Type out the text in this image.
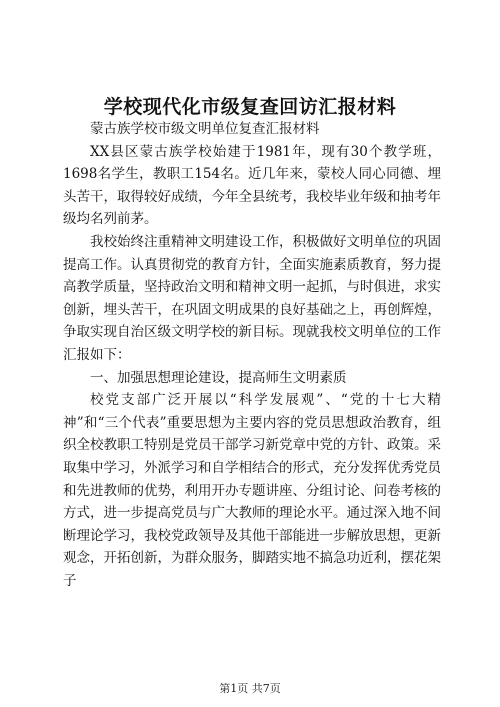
学校现代化市级复查回访汇报材料

蒙古族学校市级文明单位复查汇报材料

XX县区蒙古族学校始建于1981年，现有30个教学班，1698名学生，教职工154名。近几年来，蒙校人同心同德、埋头苦干，取得较好成绩，今年全县统考，我校毕业年级和抽考年级均名列前茅。

我校始终注重精神文明建设工作，积极做好文明单位的巩固提高工作。认真贯彻党的教育方针，全面实施素质教育，努力提高教学质量，坚持政治文明和精神文明一起抓，与时俱进，求实创新，埋头苦干，在巩固文明成果的良好基础之上，再创辉煌，争取实现自治区级文明学校的新目标。现就我校文明单位的工作汇报如下：

一、加强思想理论建设，提高师生文明素质

校党支部广泛开展以“科学发展观”、“党的十七大精神”和“三个代表”重要思想为主要内容的党员思想政治教育，组织全校教职工特别是党员干部学习新党章中党的方针、政策。采取集中学习，外派学习和自学相结合的形式，充分发挥优秀党员和先进教师的优势，利用开办专题讲座、分组讨论、问卷考核的方式，进一步提高党员与广大教师的理论水平。通过深入地不间断理论学习，我校党政领导及其他干部能进一步解放思想，更新观念，开拓创新，为群众服务，脚踏实地不搞急功近利，摆花架子

第1页 共7页
